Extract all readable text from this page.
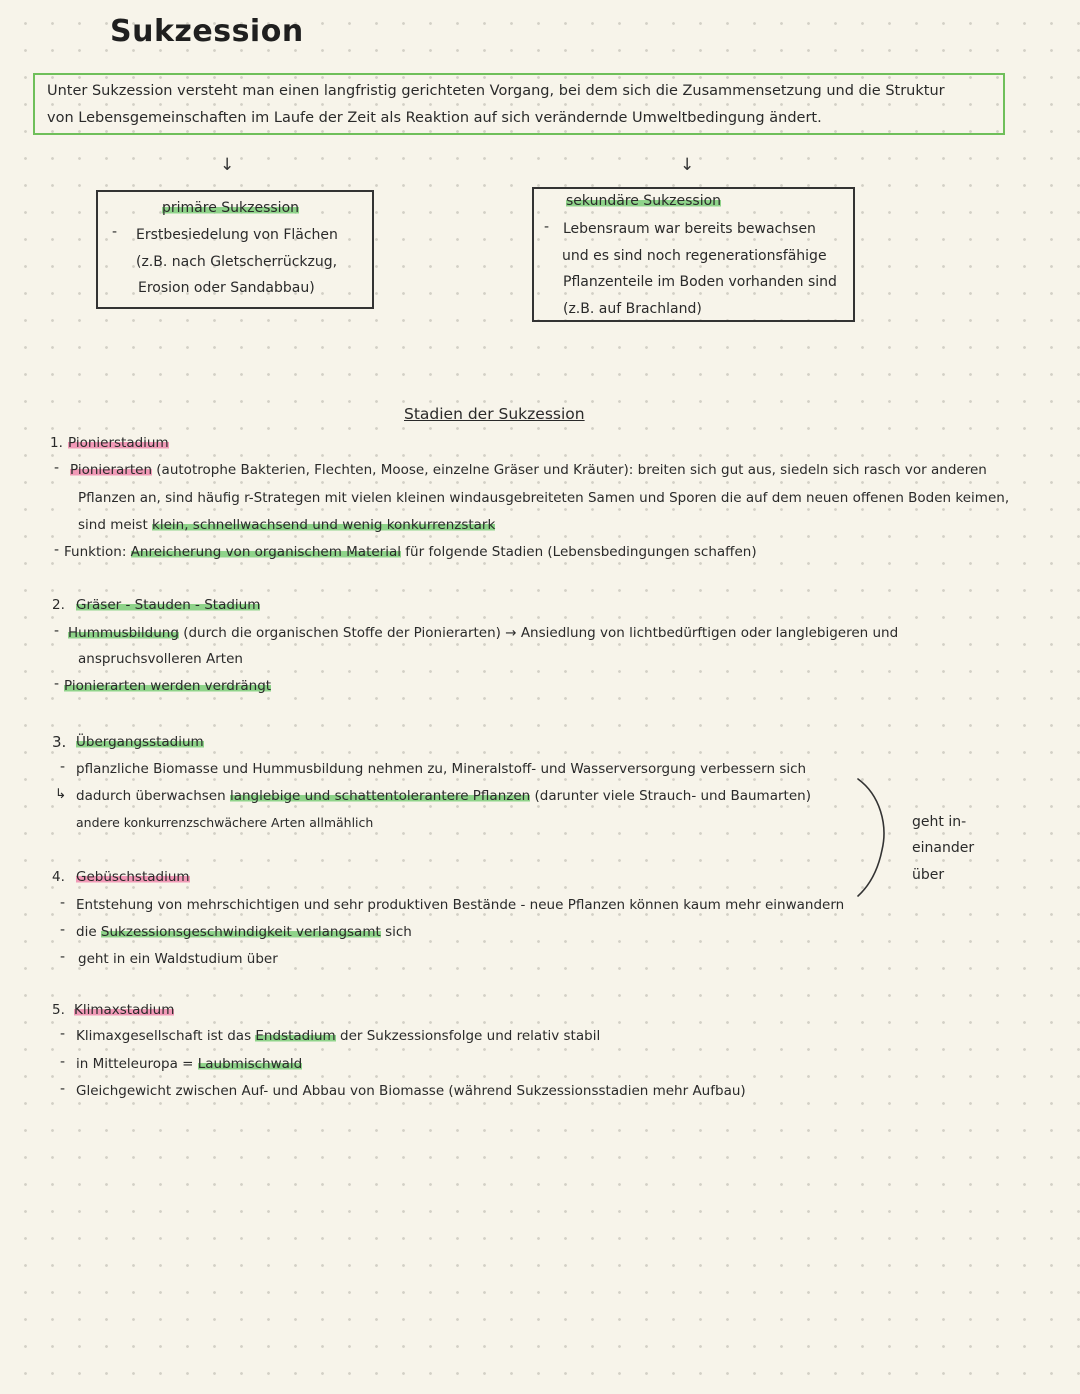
Sukzession

Unter Sukzession versteht man einen langfristig gerichteten Vorgang, bei dem sich die Zusammensetzung und die Struktur

von Lebensgemeinschaften im Laufe der Zeit als Reaktion auf sich verändernde Umweltbedingung ändert.

↓	↓
primäre Sukzession
- Erstbesiedelung von Flächen
(z.B. nach Gletscherrückzug,
Erosion oder Sandabbau)
sekundäre Sukzession
- Lebensraum war bereits bewachsen
und es sind noch regenerationsfähige
Pflanzenteile im Boden vorhanden sind
(z.B. auf Brachland)
Stadien der Sukzession
1. Pionierstadium
- Pionierarten (autotrophe Bakterien, Flechten, Moose, einzelne Gräser und Kräuter): breiten sich gut aus, siedeln sich rasch vor anderen
Pflanzen an, sind häufig r-Strategen mit vielen kleinen windausgebreiteten Samen und Sporen die auf dem neuen offenen Boden keimen,
sind meist klein, schnellwachsend und wenig konkurrenzstark
- Funktion: Anreicherung von organischem Material für folgende Stadien (Lebensbedingungen schaffen)
2. Gräser - Stauden - Stadium
- Hummusbildung (durch die organischen Stoffe der Pionierarten) → Ansiedlung von lichtbedürftigen oder langlebigeren und
anspruchsvolleren Arten
- Pionierarten werden verdrängt
3. Übergangsstadium
- pflanzliche Biomasse und Hummusbildung nehmen zu, Mineralstoff- und Wasserversorgung verbessern sich
↳ dadurch überwachsen langlebige und schattentolerantere Pflanzen (darunter viele Strauch- und Baumarten)
andere konkurrenzschwächere Arten allmählich	geht in-
einander
über
4. Gebüschstadium
- Entstehung von mehrschichtigen und sehr produktiven Bestände - neue Pflanzen können kaum mehr einwandern
- die Sukzessionsgeschwindigkeit verlangsamt sich
- geht in ein Waldstudium über
5. Klimaxstadium
- Klimaxgesellschaft ist das Endstadium der Sukzessionsfolge und relativ stabil
- in Mitteleuropa = Laubmischwald
- Gleichgewicht zwischen Auf- und Abbau von Biomasse (während Sukzessionsstadien mehr Aufbau)
